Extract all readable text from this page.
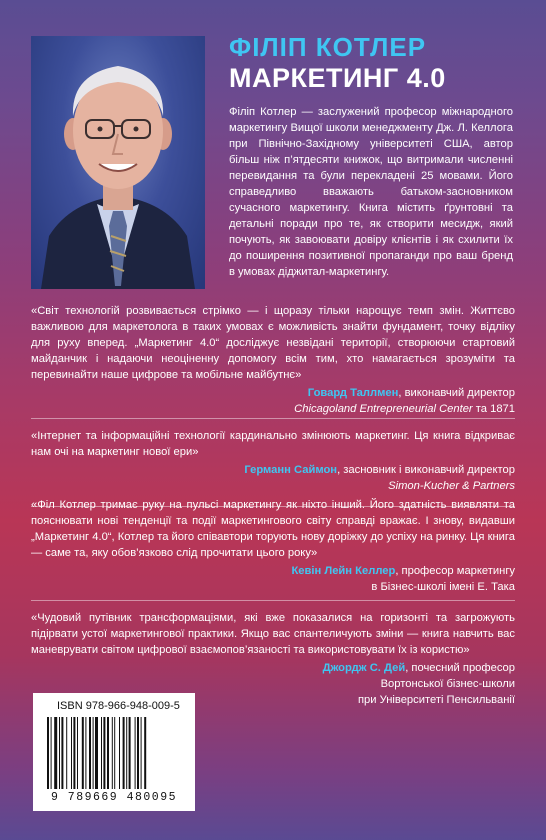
ФІЛІП КОТЛЕР
МАРКЕТИНГ 4.0

Філіп Котлер — заслужений професор міжнародного маркетингу Вищої школи менеджменту Дж. Л. Келлога при Північно-Західному університеті США, автор більш ніж п’ятдесяти книжок, що витримали численні перевидання та були перекладені 25 мовами. Його справедливо вважають батьком-засновником сучасного маркетингу. Книга містить ґрунтовні та детальні поради про те, як створити месидж, який почують, як завоювати довіру клієнтів і як схилити їх до поширення позитивної пропаганди про ваш бренд в умовах діджитал-маркетингу.

«Світ технологій розвивається стрімко — і щоразу тільки нарощує темп змін. Життєво важливою для маркетолога в таких умовах є можливість знайти фундамент, точку відліку для руху вперед. „Маркетинг 4.0“ досліджує незвідані території, створюючи стартовий майданчик і надаючи неоціненну допомогу всім тим, хто намагається зрозуміти та перевинайти наше цифрове та мобільне майбутнє»

Говард Таллмен, виконавчий директор
Chicagoland Entrepreneurial Center та 1871

«Інтернет та інформаційні технології кардинально змінюють маркетинг. Ця книга відкриває нам очі на маркетинг нової ери»

Германн Саймон, засновник і виконавчий директор
Simon-Kucher & Partners

«Філ Котлер тримає руку на пульсі маркетингу як ніхто інший. Його здатність виявляти та пояснювати нові тенденції та події маркетингового світу справді вражає. І знову, видавши „Маркетинг 4.0“, Котлер та його співавтори торують нову доріжку до успіху на ринку. Ця книга — саме та, яку обов’язково слід прочитати цього року»

Кевін Лейн Келлер, професор маркетингу
в Бізнес-школі імені Е. Така

«Чудовий путівник трансформаціями, які вже показалися на горизонті та загрожують підірвати устої маркетингової практики. Якщо вас спантеличують зміни — книга навчить вас маневрувати світом цифрової взаємопов’язаності та використовувати їх із користю»

Джордж С. Дей, почесний професор
Вортонської бізнес-школи
при Університеті Пенсильванії
ISBN 978-966-948-009-5
9 789669 480095
